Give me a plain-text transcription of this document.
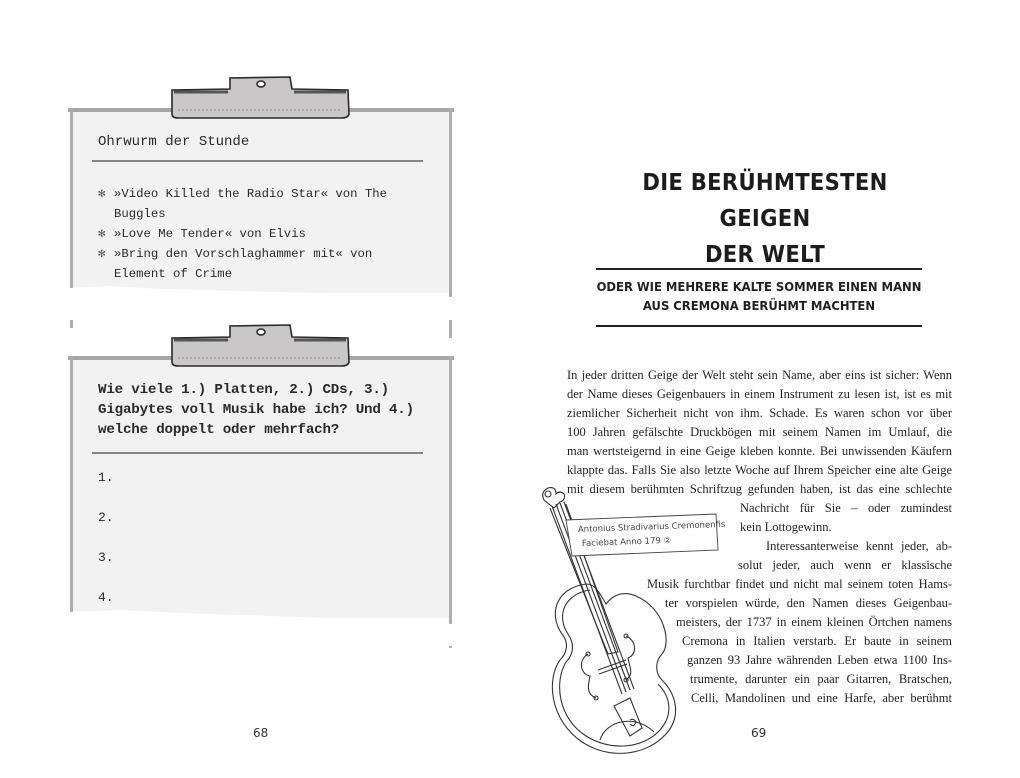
Ohrwurm der Stunde
✻ »Video Killed the Radio Star« von The Buggles
✻ »Love Me Tender« von Elvis
✻ »Bring den Vorschlaghammer mit« von Element of Crime
Wie viele 1.) Platten, 2.) CDs, 3.)
Gigabytes voll Musik habe ich? Und 4.)
welche doppelt oder mehrfach?
1.
2.
3.
4.
68
DIE BERÜHMTESTEN GEIGEN
DER WELT
ODER WIE MEHRERE KALTE SOMMER EINEN MANN
AUS CREMONA BERÜHMT MACHTEN
In jeder dritten Geige der Welt steht sein Name, aber eins ist sicher: Wenn
der Name dieses Geigenbauers in einem Instrument zu lesen ist, ist es mit
ziemlicher Sicherheit nicht von ihm. Schade. Es waren schon vor über
100 Jahren gefälschte Druckbögen mit seinem Namen im Umlauf, die
man wertsteigernd in eine Geige kleben konnte. Bei unwissenden Käufern
klappte das. Falls Sie also letzte Woche auf Ihrem Speicher eine alte Geige
mit diesem berühmten Schriftzug gefunden haben, ist das eine schlechte
Nachricht für Sie – oder zumindest
kein Lottogewinn.
Interessanterweise kennt jeder, ab-
solut jeder, auch wenn er klassische
Musik furchtbar findet und nicht mal seinem toten Hams-
ter vorspielen würde, den Namen dieses Geigenbau-
meisters, der 1737 in einem kleinen Örtchen namens
Cremona in Italien verstarb. Er baute in seinem
ganzen 93 Jahre währenden Leben etwa 1100 Ins-
trumente, darunter ein paar Gitarren, Bratschen,
Celli, Mandolinen und eine Harfe, aber berühmt
Antonius Stradivarius Cremonenfis
Faciebat Anno 179 ②
69
